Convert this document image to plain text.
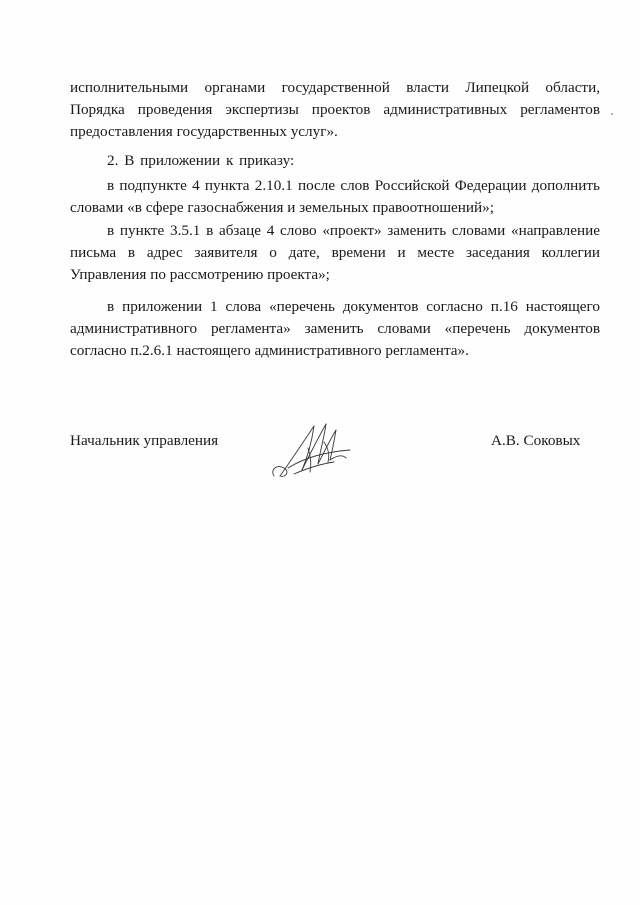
исполнительными органами государственной власти Липецкой области,
Порядка проведения экспертизы проектов административных регламентов
предоставления государственных услуг».
2. В приложении к приказу:
в подпункте 4 пункта 2.10.1 после слов Российской Федерации дополнить
словами «в сфере газоснабжения и земельных правоотношений»;
в пункте 3.5.1 в абзаце 4 слово «проект» заменить словами «направление
письма в адрес заявителя о дате, времени и месте заседания коллегии
Управления по рассмотрению проекта»;
в приложении 1 слова «перечень документов согласно п.16 настоящего
административного регламента» заменить словами «перечень документов
согласно п.2.6.1 настоящего административного регламента».
Начальник управления	А.В. Соковых
